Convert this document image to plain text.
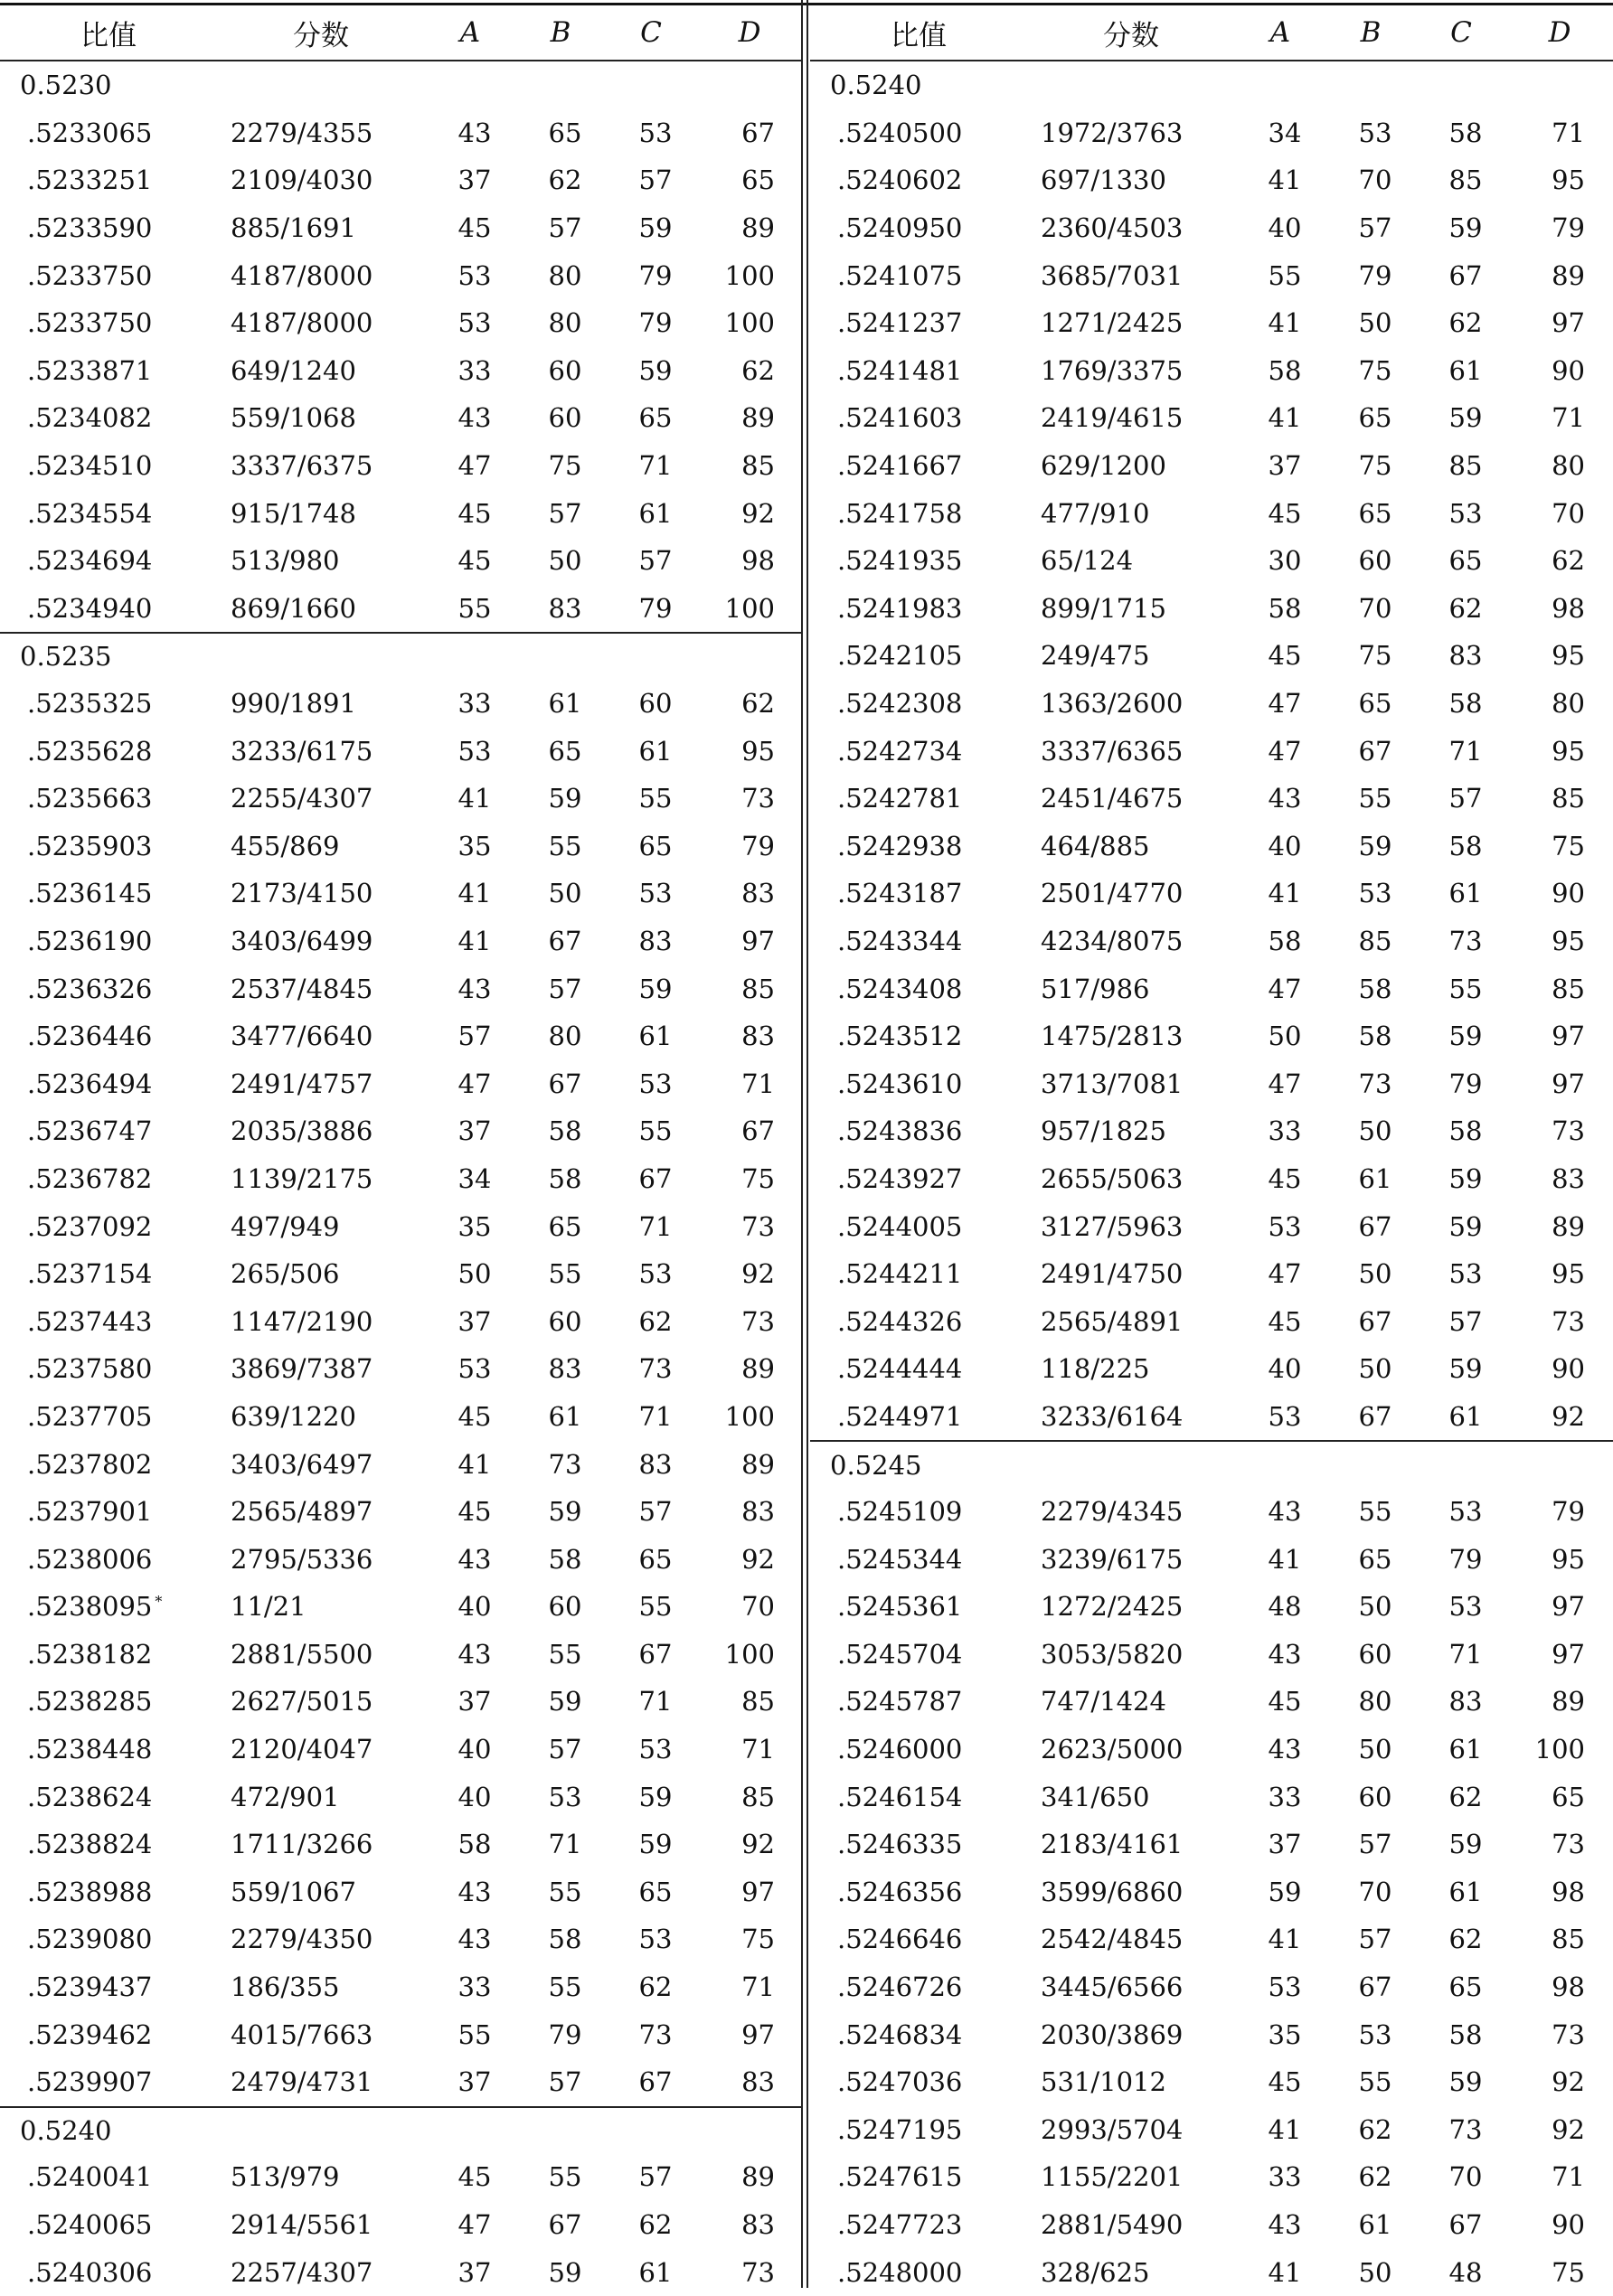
比值	分数	A	B	C	D
0.5230
.5233065	2279/4355	43	65	53	67
.5233251	2109/4030	37	62	57	65
.5233590	885/1691	45	57	59	89
.5233750	4187/8000	53	80	79	100
.5233750	4187/8000	53	80	79	100
.5233871	649/1240	33	60	59	62
.5234082	559/1068	43	60	65	89
.5234510	3337/6375	47	75	71	85
.5234554	915/1748	45	57	61	92
.5234694	513/980	45	50	57	98
.5234940	869/1660	55	83	79	100
0.5235
.5235325	990/1891	33	61	60	62
.5235628	3233/6175	53	65	61	95
.5235663	2255/4307	41	59	55	73
.5235903	455/869	35	55	65	79
.5236145	2173/4150	41	50	53	83
.5236190	3403/6499	41	67	83	97
.5236326	2537/4845	43	57	59	85
.5236446	3477/6640	57	80	61	83
.5236494	2491/4757	47	67	53	71
.5236747	2035/3886	37	58	55	67
.5236782	1139/2175	34	58	67	75
.5237092	497/949	35	65	71	73
.5237154	265/506	50	55	53	92
.5237443	1147/2190	37	60	62	73
.5237580	3869/7387	53	83	73	89
.5237705	639/1220	45	61	71	100
.5237802	3403/6497	41	73	83	89
.5237901	2565/4897	45	59	57	83
.5238006	2795/5336	43	58	65	92
.5238095 *	11/21	40	60	55	70
.5238182	2881/5500	43	55	67	100
.5238285	2627/5015	37	59	71	85
.5238448	2120/4047	40	57	53	71
.5238624	472/901	40	53	59	85
.5238824	1711/3266	58	71	59	92
.5238988	559/1067	43	55	65	97
.5239080	2279/4350	43	58	53	75
.5239437	186/355	33	55	62	71
.5239462	4015/7663	55	79	73	97
.5239907	2479/4731	37	57	67	83
0.5240
.5240041	513/979	45	55	57	89
.5240065	2914/5561	47	67	62	83
.5240306	2257/4307	37	59	61	73
比值	分数	A	B	C	D
0.5240
.5240500	1972/3763	34	53	58	71
.5240602	697/1330	41	70	85	95
.5240950	2360/4503	40	57	59	79
.5241075	3685/7031	55	79	67	89
.5241237	1271/2425	41	50	62	97
.5241481	1769/3375	58	75	61	90
.5241603	2419/4615	41	65	59	71
.5241667	629/1200	37	75	85	80
.5241758	477/910	45	65	53	70
.5241935	65/124	30	60	65	62
.5241983	899/1715	58	70	62	98
.5242105	249/475	45	75	83	95
.5242308	1363/2600	47	65	58	80
.5242734	3337/6365	47	67	71	95
.5242781	2451/4675	43	55	57	85
.5242938	464/885	40	59	58	75
.5243187	2501/4770	41	53	61	90
.5243344	4234/8075	58	85	73	95
.5243408	517/986	47	58	55	85
.5243512	1475/2813	50	58	59	97
.5243610	3713/7081	47	73	79	97
.5243836	957/1825	33	50	58	73
.5243927	2655/5063	45	61	59	83
.5244005	3127/5963	53	67	59	89
.5244211	2491/4750	47	50	53	95
.5244326	2565/4891	45	67	57	73
.5244444	118/225	40	50	59	90
.5244971	3233/6164	53	67	61	92
0.5245
.5245109	2279/4345	43	55	53	79
.5245344	3239/6175	41	65	79	95
.5245361	1272/2425	48	50	53	97
.5245704	3053/5820	43	60	71	97
.5245787	747/1424	45	80	83	89
.5246000	2623/5000	43	50	61	100
.5246154	341/650	33	60	62	65
.5246335	2183/4161	37	57	59	73
.5246356	3599/6860	59	70	61	98
.5246646	2542/4845	41	57	62	85
.5246726	3445/6566	53	67	65	98
.5246834	2030/3869	35	53	58	73
.5247036	531/1012	45	55	59	92
.5247195	2993/5704	41	62	73	92
.5247615	1155/2201	33	62	70	71
.5247723	2881/5490	43	61	67	90
.5248000	328/625	41	50	48	75
